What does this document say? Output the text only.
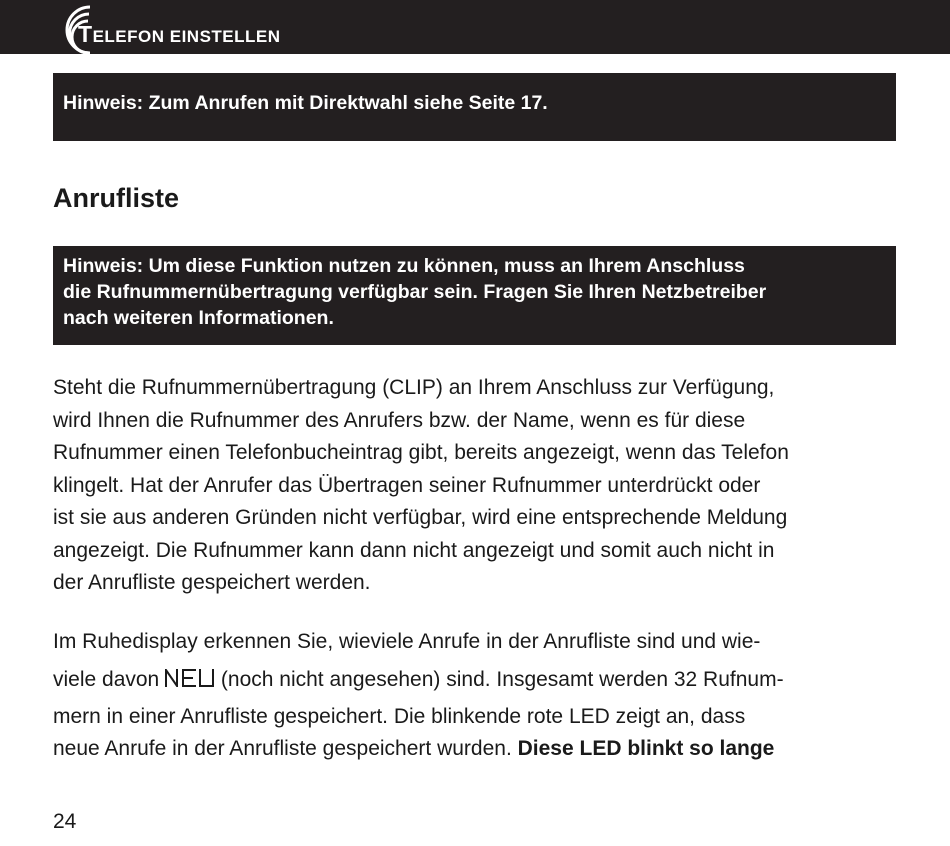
TELEFON EINSTELLEN
Hinweis: Zum Anrufen mit Direktwahl siehe Seite 17.
Anrufliste
Hinweis: Um diese Funktion nutzen zu können, muss an Ihrem Anschluss
die Rufnummernübertragung verfügbar sein. Fragen Sie Ihren Netzbetreiber
nach weiteren Informationen.
Steht die Rufnummernübertragung (CLIP) an Ihrem Anschluss zur Verfügung,
wird Ihnen die Rufnummer des Anrufers bzw. der Name, wenn es für diese
Rufnummer einen Telefonbucheintrag gibt, bereits angezeigt, wenn das Telefon
klingelt. Hat der Anrufer das Übertragen seiner Rufnummer unterdrückt oder
ist sie aus anderen Gründen nicht verfügbar, wird eine entsprechende Meldung
angezeigt. Die Rufnummer kann dann nicht angezeigt und somit auch nicht in
der Anrufliste gespeichert werden.
Im Ruhedisplay erkennen Sie, wieviele Anrufe in der Anrufliste sind und wie-
viele davon NEU (noch nicht angesehen) sind. Insgesamt werden 32 Rufnum-
mern in einer Anrufliste gespeichert. Die blinkende rote LED zeigt an, dass
neue Anrufe in der Anrufliste gespeichert wurden. Diese LED blinkt so lange
24
